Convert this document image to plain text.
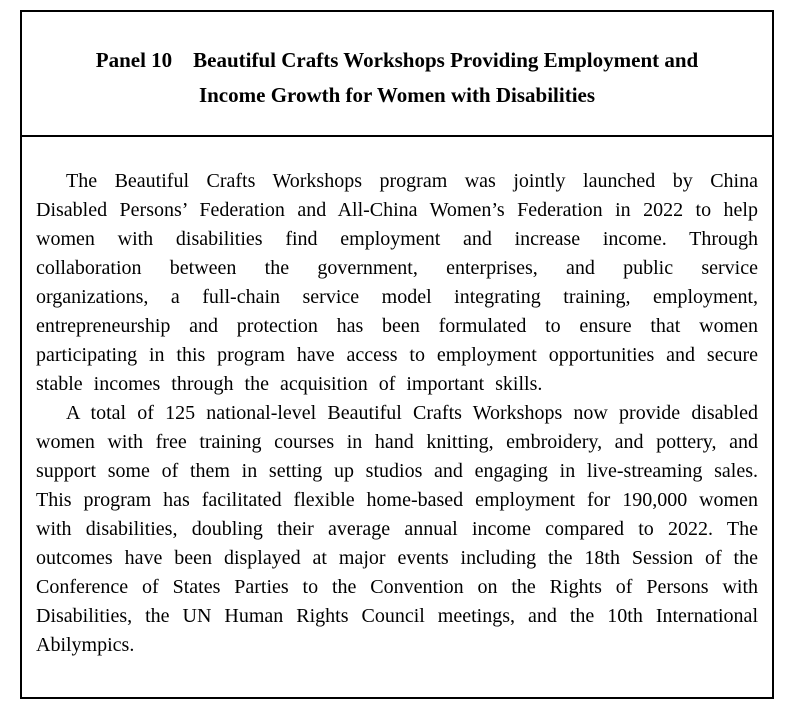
Panel 10 Beautiful Crafts Workshops Providing Employment and
Income Growth for Women with Disabilities

The Beautiful Crafts Workshops program was jointly launched by China Disabled Persons’ Federation and All-China Women’s Federation in 2022 to help women with disabilities find employment and increase income. Through collaboration between the government, enterprises, and public service organizations, a full-chain service model integrating training, employment, entrepreneurship and protection has been formulated to ensure that women participating in this program have access to employment opportunities and secure stable incomes through the acquisition of important skills.

A total of 125 national-level Beautiful Crafts Workshops now provide disabled women with free training courses in hand knitting, embroidery, and pottery, and support some of them in setting up studios and engaging in live-streaming sales. This program has facilitated flexible home-based employment for 190,000 women with disabilities, doubling their average annual income compared to 2022. The outcomes have been displayed at major events including the 18th Session of the Conference of States Parties to the Convention on the Rights of Persons with Disabilities, the UN Human Rights Council meetings, and the 10th International Abilympics.
